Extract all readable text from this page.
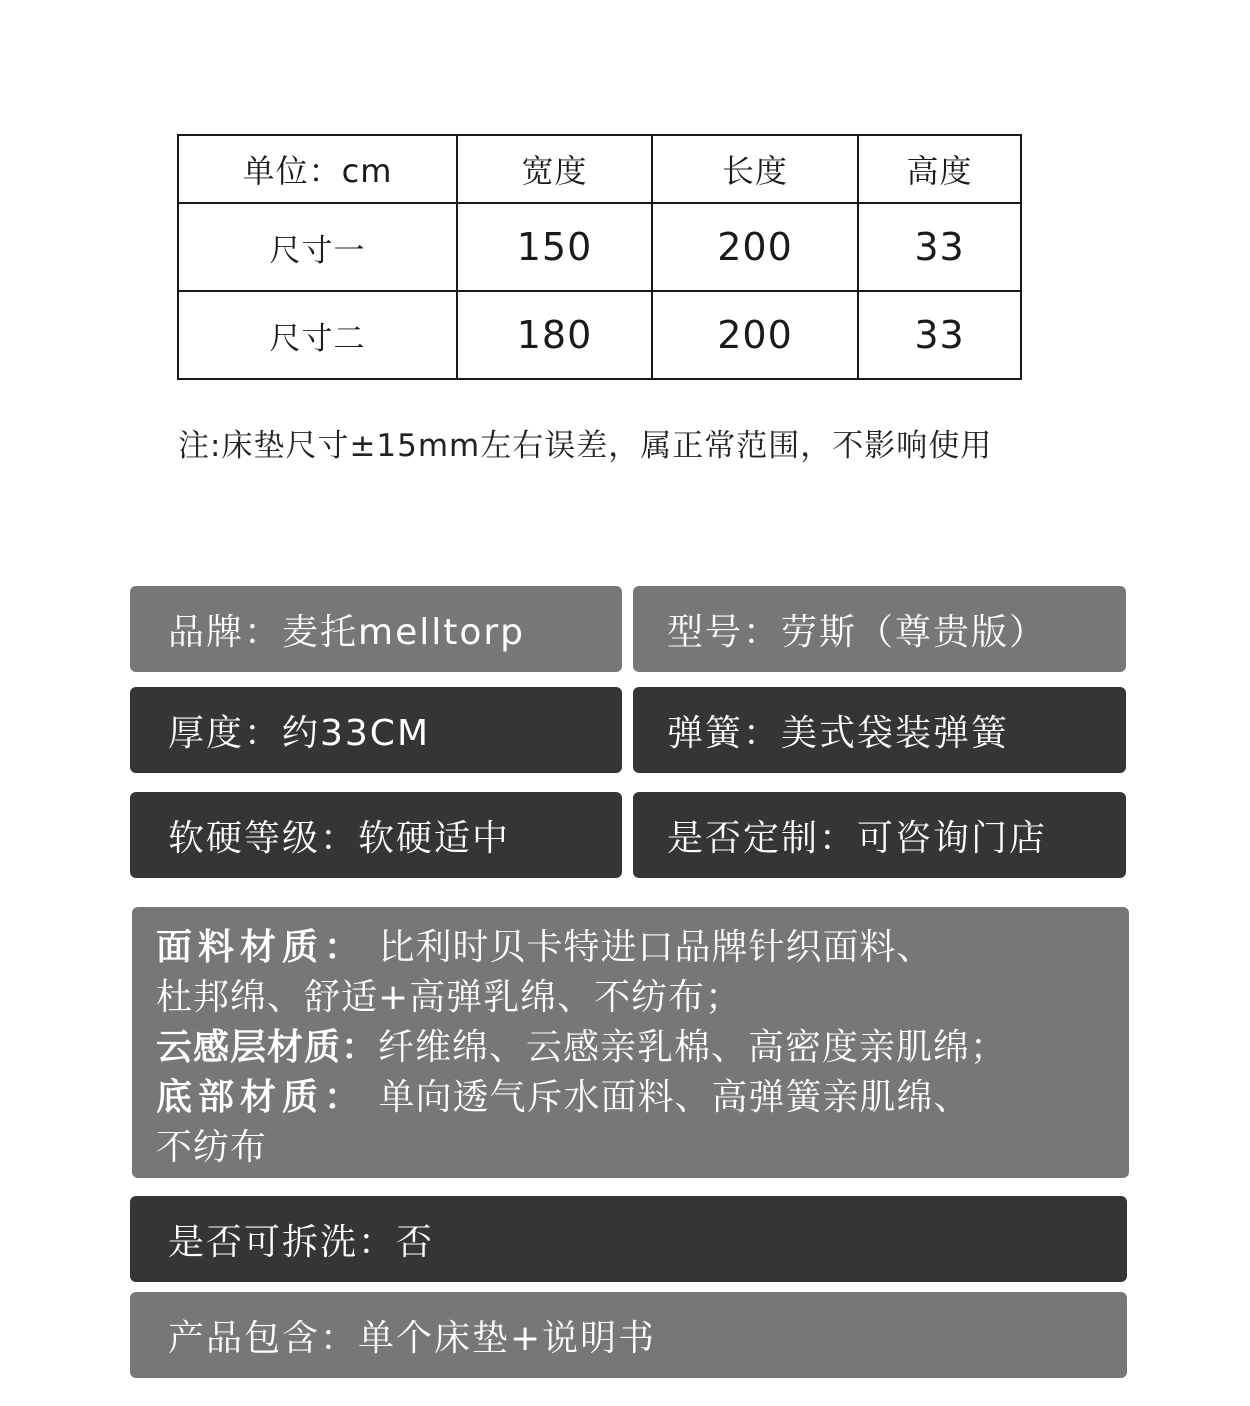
单位：cm	宽度	长度	高度
尺寸一	150	200	33
尺寸二	180	200	33
注:床垫尺寸±15mm左右误差，属正常范围，不影响使用
品牌：麦托melltorp	型号：劳斯（尊贵版）
厚度：约33CM	弹簧：美式袋装弹簧
软硬等级：软硬适中	是否定制：可咨询门店
面料材质： 比利时贝卡特进口品牌针织面料、
杜邦绵、舒适+高弹乳绵、不纺布；
云感层材质：纤维绵、云感亲乳棉、高密度亲肌绵；
底部材质： 单向透气斥水面料、高弹簧亲肌绵、
不纺布
是否可拆洗：否
产品包含：单个床垫+说明书
